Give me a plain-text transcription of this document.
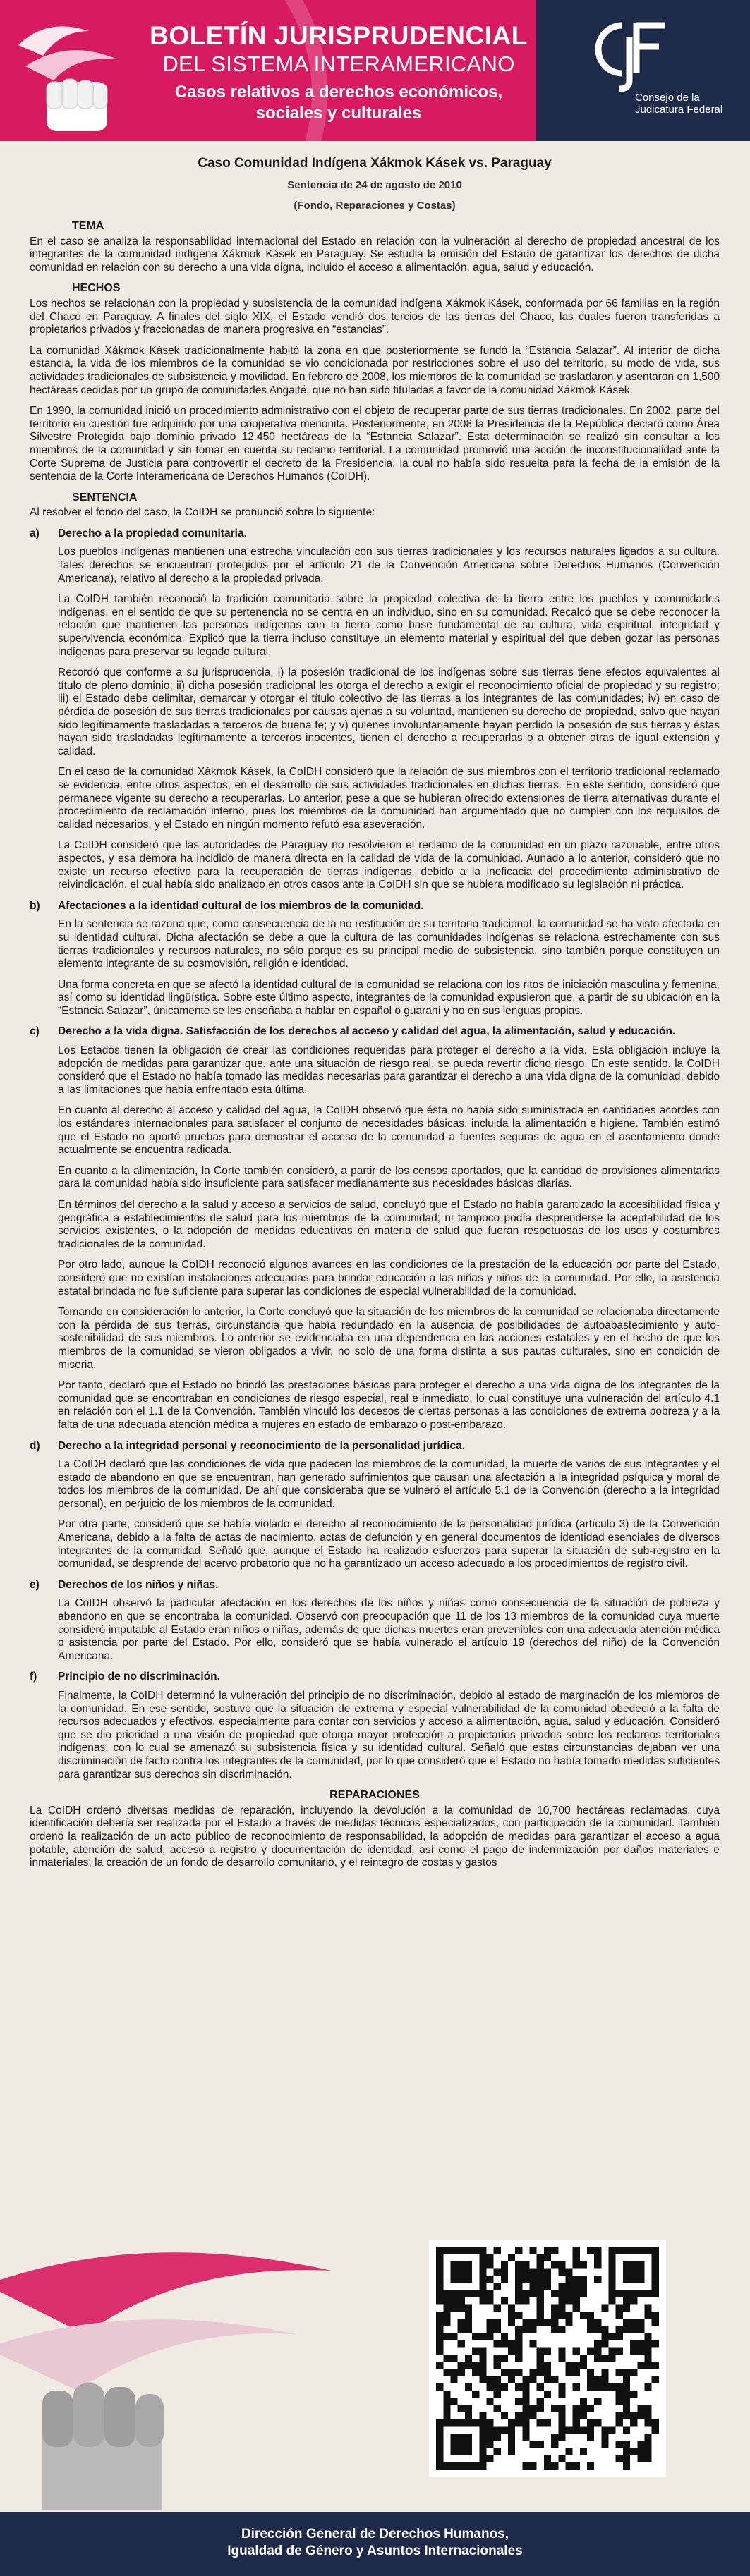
BOLETÍN JURISPRUDENCIAL
DEL SISTEMA INTERAMERICANO
Casos relativos a derechos económicos,
sociales y culturales
Consejo de la
Judicatura Federal

Caso Comunidad Indígena Xákmok Kásek vs. Paraguay

Sentencia de 24 de agosto de 2010

(Fondo, Reparaciones y Costas)

TEMA

En el caso se analiza la responsabilidad internacional del Estado en relación con la vulneración al derecho de propiedad ancestral de los integrantes de la comunidad indígena Xákmok Kásek en Paraguay. Se estudia la omisión del Estado de garantizar los derechos de dicha comunidad en relación con su derecho a una vida digna, incluido el acceso a alimentación, agua, salud y educación.

HECHOS

Los hechos se relacionan con la propiedad y subsistencia de la comunidad indígena Xákmok Kásek, conformada por 66 familias en la región del Chaco en Paraguay. A finales del siglo XIX, el Estado vendió dos tercios de las tierras del Chaco, las cuales fueron transferidas a propietarios privados y fraccionadas de manera progresiva en “estancias”.

La comunidad Xákmok Kásek tradicionalmente habitó la zona en que posteriormente se fundó la “Estancia Salazar”. Al interior de dicha estancia, la vida de los miembros de la comunidad se vio condicionada por restricciones sobre el uso del territorio, su modo de vida, sus actividades tradicionales de subsistencia y movilidad. En febrero de 2008, los miembros de la comunidad se trasladaron y asentaron en 1,500 hectáreas cedidas por un grupo de comunidades Angaité, que no han sido tituladas a favor de la comunidad Xákmok Kásek.

En 1990, la comunidad inició un procedimiento administrativo con el objeto de recuperar parte de sus tierras tradicionales. En 2002, parte del territorio en cuestión fue adquirido por una cooperativa menonita. Posteriormente, en 2008 la Presidencia de la República declaró como Área Silvestre Protegida bajo dominio privado 12.450 hectáreas de la “Estancia Salazar”. Esta determinación se realizó sin consultar a los miembros de la comunidad y sin tomar en cuenta su reclamo territorial. La comunidad promovió una acción de inconstitucionalidad ante la Corte Suprema de Justicia para controvertir el decreto de la Presidencia, la cual no había sido resuelta para la fecha de la emisión de la sentencia de la Corte Interamericana de Derechos Humanos (CoIDH).

SENTENCIA

Al resolver el fondo del caso, la CoIDH se pronunció sobre lo siguiente:

a) Derecho a la propiedad comunitaria.

Los pueblos indígenas mantienen una estrecha vinculación con sus tierras tradicionales y los recursos naturales ligados a su cultura. Tales derechos se encuentran protegidos por el artículo 21 de la Convención Americana sobre Derechos Humanos (Convención Americana), relativo al derecho a la propiedad privada.

La CoIDH también reconoció la tradición comunitaria sobre la propiedad colectiva de la tierra entre los pueblos y comunidades indígenas, en el sentido de que su pertenencia no se centra en un individuo, sino en su comunidad. Recalcó que se debe reconocer la relación que mantienen las personas indígenas con la tierra como base fundamental de su cultura, vida espiritual, integridad y supervivencia económica. Explicó que la tierra incluso constituye un elemento material y espiritual del que deben gozar las personas indígenas para preservar su legado cultural.

Recordó que conforme a su jurisprudencia, i) la posesión tradicional de los indígenas sobre sus tierras tiene efectos equivalentes al título de pleno dominio; ii) dicha posesión tradicional les otorga el derecho a exigir el reconocimiento oficial de propiedad y su registro; iii) el Estado debe delimitar, demarcar y otorgar el título colectivo de las tierras a los integrantes de las comunidades; iv) en caso de pérdida de posesión de sus tierras tradicionales por causas ajenas a su voluntad, mantienen su derecho de propiedad, salvo que hayan sido legítimamente trasladadas a terceros de buena fe; y v) quienes involuntariamente hayan perdido la posesión de sus tierras y éstas hayan sido trasladadas legítimamente a terceros inocentes, tienen el derecho a recuperarlas o a obtener otras de igual extensión y calidad.

En el caso de la comunidad Xákmok Kásek, la CoIDH consideró que la relación de sus miembros con el territorio tradicional reclamado se evidencia, entre otros aspectos, en el desarrollo de sus actividades tradicionales en dichas tierras. En este sentido, consideró que permanece vigente su derecho a recuperarlas. Lo anterior, pese a que se hubieran ofrecido extensiones de tierra alternativas durante el procedimiento de reclamación interno, pues los miembros de la comunidad han argumentado que no cumplen con los requisitos de calidad necesarios, y el Estado en ningún momento refutó esa aseveración.

La CoIDH consideró que las autoridades de Paraguay no resolvieron el reclamo de la comunidad en un plazo razonable, entre otros aspectos, y esa demora ha incidido de manera directa en la calidad de vida de la comunidad. Aunado a lo anterior, consideró que no existe un recurso efectivo para la recuperación de tierras indígenas, debido a la ineficacia del procedimiento administrativo de reivindicación, el cual había sido analizado en otros casos ante la CoIDH sin que se hubiera modificado su legislación ni práctica.

b) Afectaciones a la identidad cultural de los miembros de la comunidad.

En la sentencia se razona que, como consecuencia de la no restitución de su territorio tradicional, la comunidad se ha visto afectada en su identidad cultural. Dicha afectación se debe a que la cultura de las comunidades indígenas se relaciona estrechamente con sus tierras tradicionales y recursos naturales, no sólo porque es su principal medio de subsistencia, sino también porque constituyen un elemento integrante de su cosmovisión, religión e identidad.

Una forma concreta en que se afectó la identidad cultural de la comunidad se relaciona con los ritos de iniciación masculina y femenina, así como su identidad lingüística. Sobre este último aspecto, integrantes de la comunidad expusieron que, a partir de su ubicación en la “Estancia Salazar”, únicamente se les enseñaba a hablar en español o guaraní y no en sus lenguas propias.

c) Derecho a la vida digna. Satisfacción de los derechos al acceso y calidad del agua, la alimentación, salud y educación.

Los Estados tienen la obligación de crear las condiciones requeridas para proteger el derecho a la vida. Esta obligación incluye la adopción de medidas para garantizar que, ante una situación de riesgo real, se pueda revertir dicho riesgo. En este sentido, la CoIDH consideró que el Estado no había tomado las medidas necesarias para garantizar el derecho a una vida digna de la comunidad, debido a las limitaciones que había enfrentado esta última.

En cuanto al derecho al acceso y calidad del agua, la CoIDH observó que ésta no había sido suministrada en cantidades acordes con los estándares internacionales para satisfacer el conjunto de necesidades básicas, incluida la alimentación e higiene. También estimó que el Estado no aportó pruebas para demostrar el acceso de la comunidad a fuentes seguras de agua en el asentamiento donde actualmente se encuentra radicada.

En cuanto a la alimentación, la Corte también consideró, a partir de los censos aportados, que la cantidad de provisiones alimentarias para la comunidad había sido insuficiente para satisfacer medianamente sus necesidades básicas diarias.

En términos del derecho a la salud y acceso a servicios de salud, concluyó que el Estado no había garantizado la accesibilidad física y geográfica a establecimientos de salud para los miembros de la comunidad; ni tampoco podía desprenderse la aceptabilidad de los servicios existentes, o la adopción de medidas educativas en materia de salud que fueran respetuosas de los usos y costumbres tradicionales de la comunidad.

Por otro lado, aunque la CoIDH reconoció algunos avances en las condiciones de la prestación de la educación por parte del Estado, consideró que no existían instalaciones adecuadas para brindar educación a las niñas y niños de la comunidad. Por ello, la asistencia estatal brindada no fue suficiente para superar las condiciones de especial vulnerabilidad de la comunidad.

Tomando en consideración lo anterior, la Corte concluyó que la situación de los miembros de la comunidad se relacionaba directamente con la pérdida de sus tierras, circunstancia que había redundado en la ausencia de posibilidades de autoabastecimiento y auto-sostenibilidad de sus miembros. Lo anterior se evidenciaba en una dependencia en las acciones estatales y en el hecho de que los miembros de la comunidad se vieron obligados a vivir, no solo de una forma distinta a sus pautas culturales, sino en condición de miseria.

Por tanto, declaró que el Estado no brindó las prestaciones básicas para proteger el derecho a una vida digna de los integrantes de la comunidad que se encontraban en condiciones de riesgo especial, real e inmediato, lo cual constituye una vulneración del artículo 4.1 en relación con el 1.1 de la Convención. También vinculó los decesos de ciertas personas a las condiciones de extrema pobreza y a la falta de una adecuada atención médica a mujeres en estado de embarazo o post-embarazo.

d) Derecho a la integridad personal y reconocimiento de la personalidad jurídica.

La CoIDH declaró que las condiciones de vida que padecen los miembros de la comunidad, la muerte de varios de sus integrantes y el estado de abandono en que se encuentran, han generado sufrimientos que causan una afectación a la integridad psíquica y moral de todos los miembros de la comunidad. De ahí que consideraba que se vulneró el artículo 5.1 de la Convención (derecho a la integridad personal), en perjuicio de los miembros de la comunidad.

Por otra parte, consideró que se había violado el derecho al reconocimiento de la personalidad jurídica (artículo 3) de la Convención Americana, debido a la falta de actas de nacimiento, actas de defunción y en general documentos de identidad esenciales de diversos integrantes de la comunidad. Señaló que, aunque el Estado ha realizado esfuerzos para superar la situación de sub-registro en la comunidad, se desprende del acervo probatorio que no ha garantizado un acceso adecuado a los procedimientos de registro civil.

e) Derechos de los niños y niñas.

La CoIDH observó la particular afectación en los derechos de los niños y niñas como consecuencia de la situación de pobreza y abandono en que se encontraba la comunidad. Observó con preocupación que 11 de los 13 miembros de la comunidad cuya muerte consideró imputable al Estado eran niños o niñas, además de que dichas muertes eran prevenibles con una adecuada atención médica o asistencia por parte del Estado. Por ello, consideró que se había vulnerado el artículo 19 (derechos del niño) de la Convención Americana.

f) Principio de no discriminación.

Finalmente, la CoIDH determinó la vulneración del principio de no discriminación, debido al estado de marginación de los miembros de la comunidad. En ese sentido, sostuvo que la situación de extrema y especial vulnerabilidad de la comunidad obedeció a la falta de recursos adecuados y efectivos, especialmente para contar con servicios y acceso a alimentación, agua, salud y educación. Consideró que se dio prioridad a una visión de propiedad que otorga mayor protección a propietarios privados sobre los reclamos territoriales indígenas, con lo cual se amenazó su subsistencia física y su identidad cultural. Señaló que estas circunstancias dejaban ver una discriminación de facto contra los integrantes de la comunidad, por lo que consideró que el Estado no había tomado medidas suficientes para garantizar sus derechos sin discriminación.

REPARACIONES

La CoIDH ordenó diversas medidas de reparación, incluyendo la devolución a la comunidad de 10,700 hectáreas reclamadas, cuya identificación debería ser realizada por el Estado a través de medidas técnicos especializados, con participación de la comunidad. También ordenó la realización de un acto público de reconocimiento de responsabilidad, la adopción de medidas para garantizar el acceso a agua potable, atención de salud, acceso a registro y documentación de identidad; así como el pago de indemnización por daños materiales e inmateriales, la creación de un fondo de desarrollo comunitario, y el reintegro de costas y gastos

Dirección General de Derechos Humanos,
Igualdad de Género y Asuntos Internacionales
